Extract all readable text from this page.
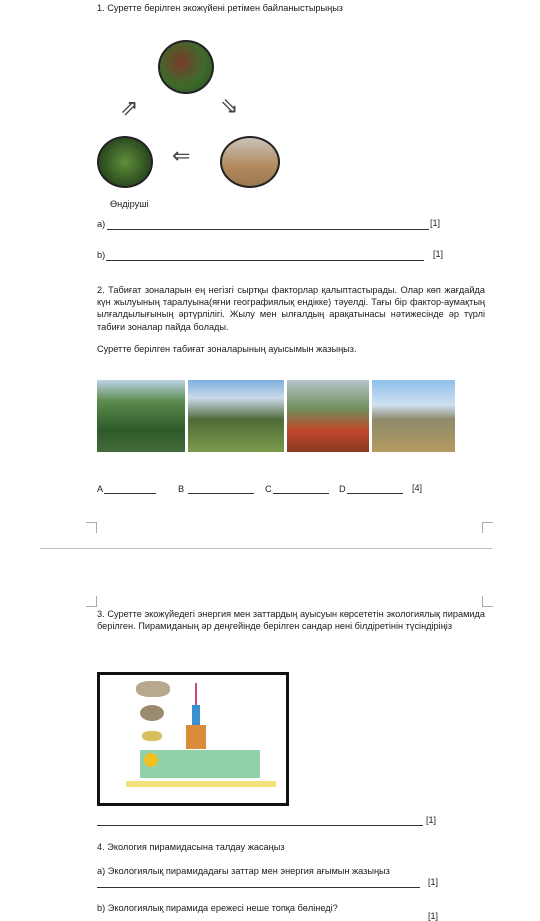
1. Суретте берілген экожүйені ретімен байланыстырыңыз
⇗	⇘
⇐
Өндіруші
a)	[1]
b)	[1]
2. Табиғат зоналарын ең негізгі сыртқы факторлар қалыптастырады. Олар көп жағдайда күн жылуының таралуына(яғни географиялық ендікке) тәуелді. Тағы бір фактор-аумақтың ылғалдылығының әртүрлілігі. Жылу мен ылғалдың арақатынасы нәтижесінде әр түрлі табиғи зоналар пайда болады.
Суретте берілген табиғат зоналарының ауысымын жазыңыз.
A	B	C	D	[4]
3. Суретте экожүйедегі энергия мен заттардың ауысуын көрсететін экологиялық пирамида берілген. Пирамиданың әр деңгейінде берілген сандар нені білдіретінін түсіндіріңіз
[1]
4. Экология пирамидасына талдау жасаңыз
a) Экологиялық пирамидадағы заттар мен энергия ағымын жазыңыз
[1]
b) Экологиялық пирамида ережесі неше топқа бөлінеді?
[1]
